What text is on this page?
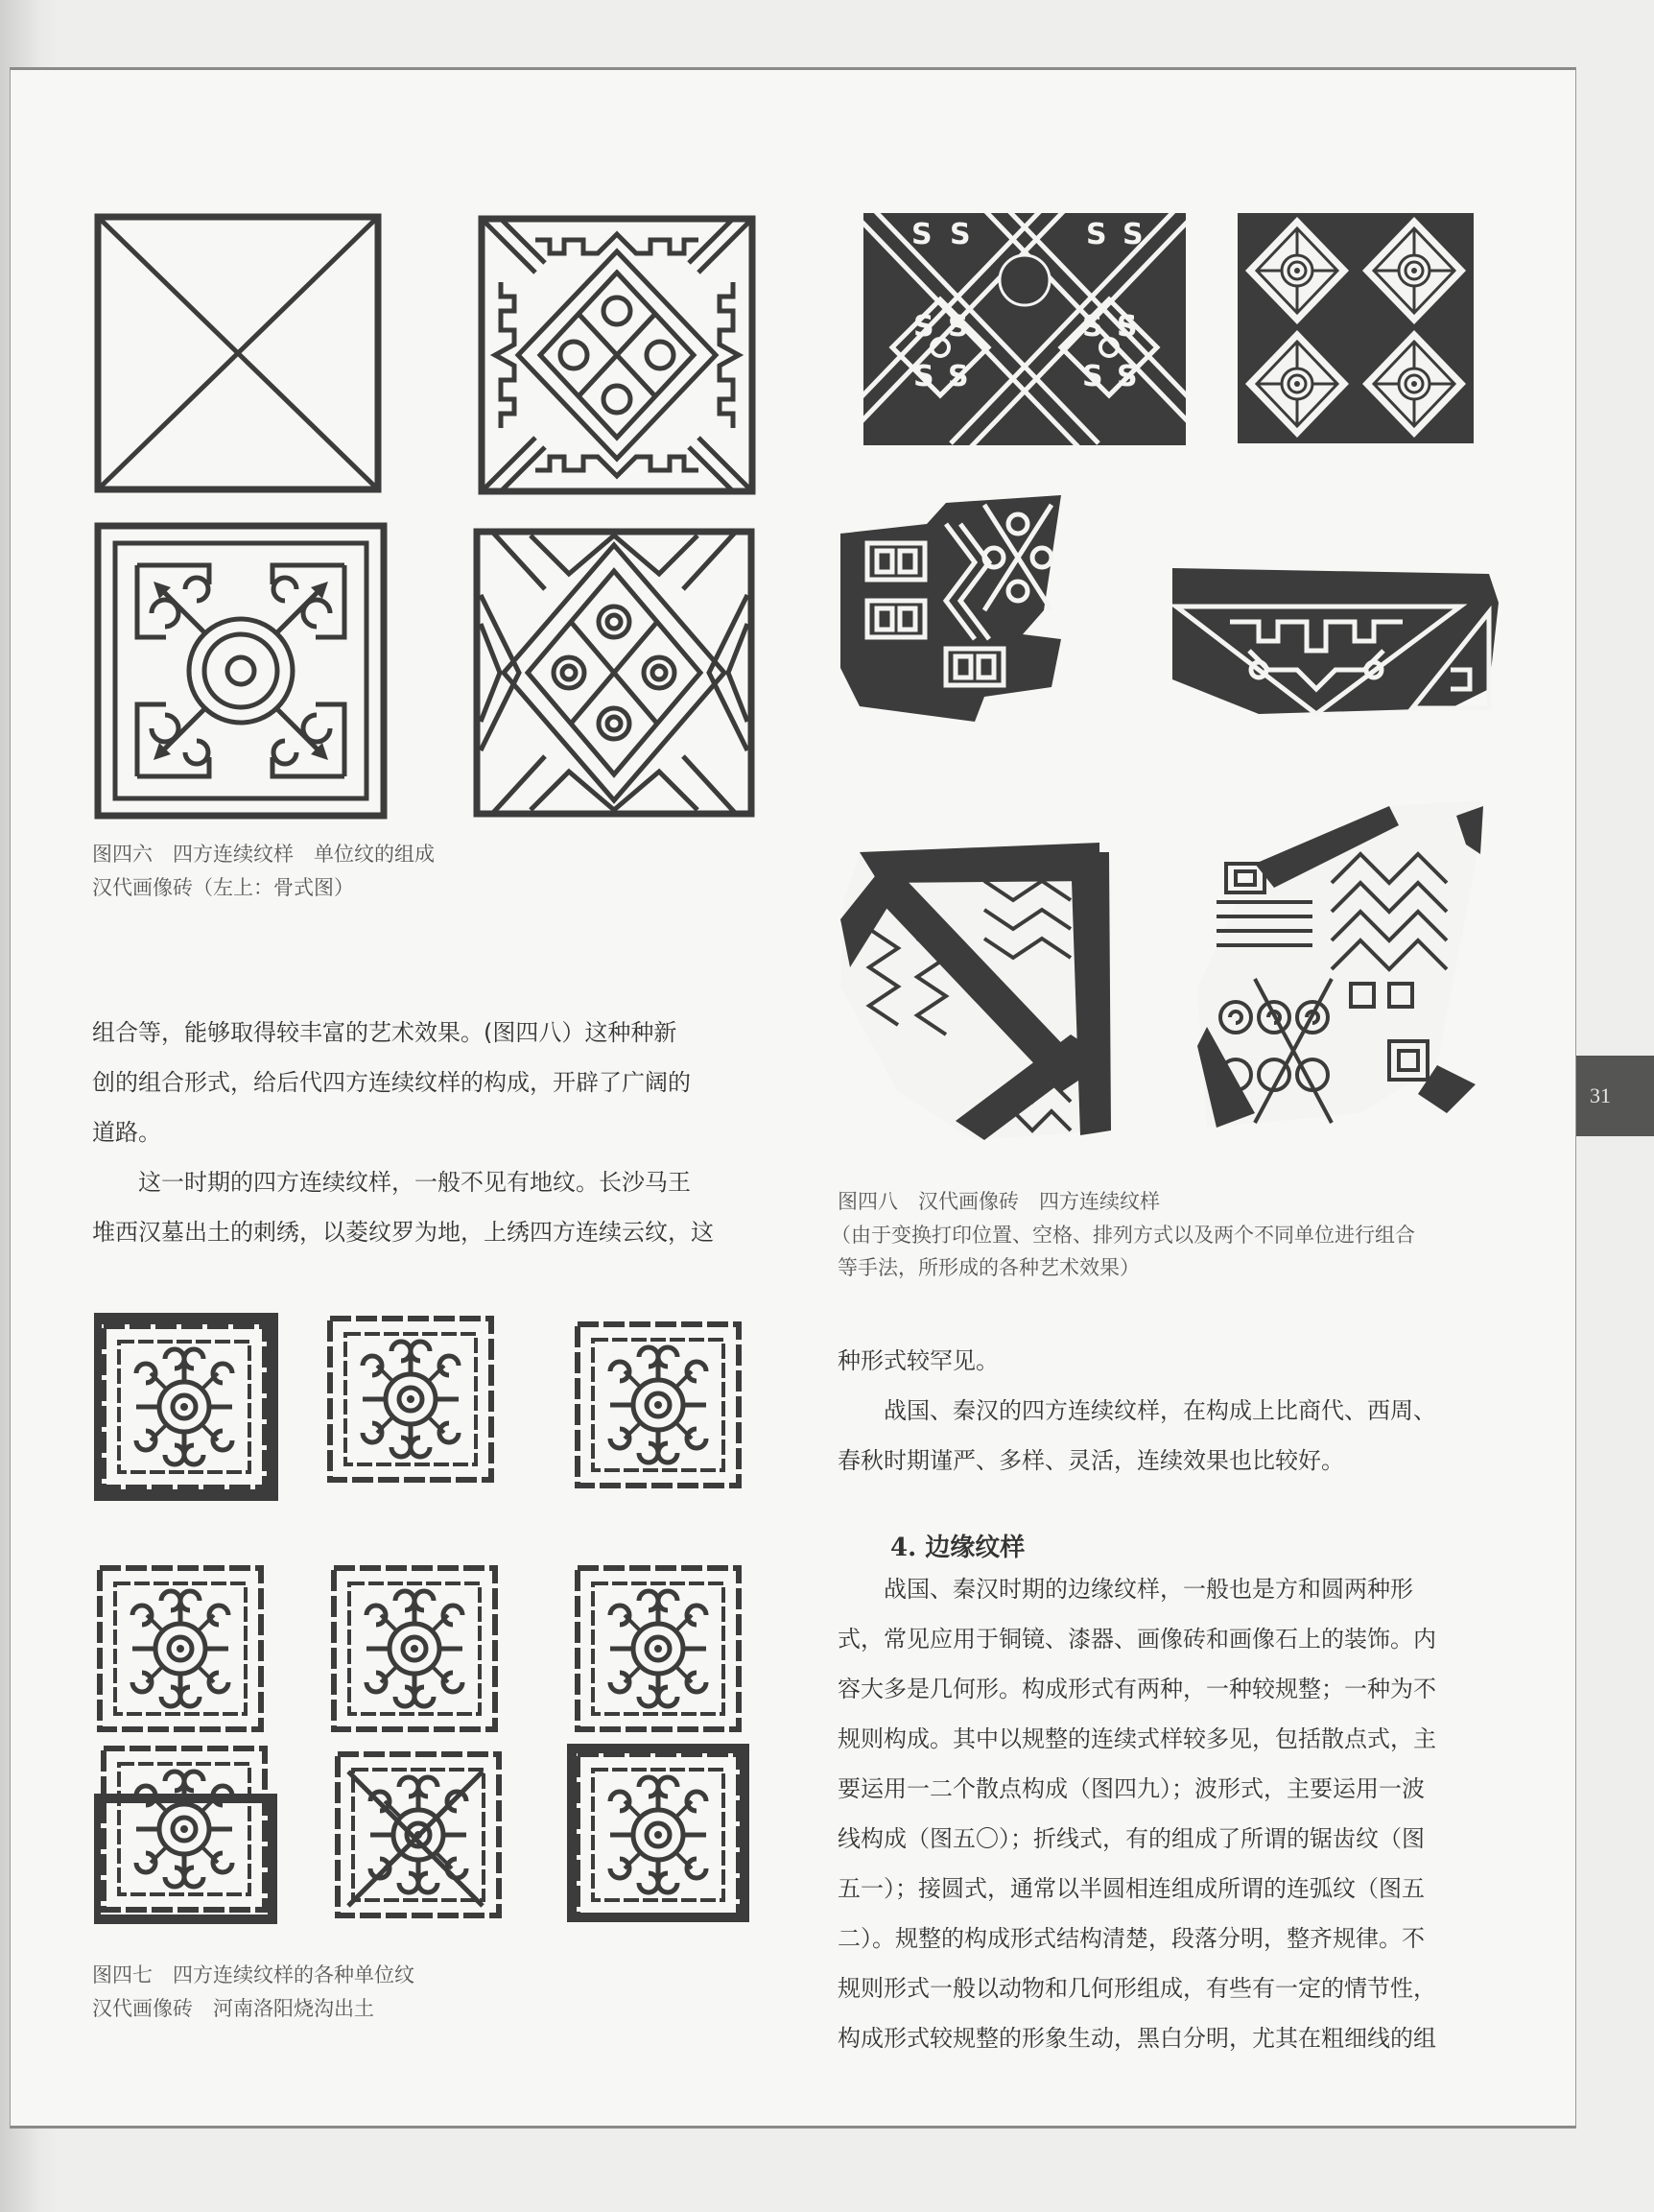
图四六　四方连续纹样　单位纹的组成
汉代画像砖（左上：骨式图）

组合等，能够取得较丰富的艺术效果。(图四八）这种种新

创的组合形式，给后代四方连续纹样的构成，开辟了广阔的

道路。

这一时期的四方连续纹样，一般不见有地纹。长沙马王

堆西汉墓出土的刺绣，以菱纹罗为地，上绣四方连续云纹，这

图四七　四方连续纹样的各种单位纹
汉代画像砖　河南洛阳烧沟出土
S S
S S
S S
S S
S S	S S
图四八　汉代画像砖　四方连续纹样
（由于变换打印位置、空格、排列方式以及两个不同单位进行组合
等手法，所形成的各种艺术效果）

种形式较罕见。

战国、秦汉的四方连续纹样，在构成上比商代、西周、

春秋时期谨严、多样、灵活，连续效果也比较好。

4. 边缘纹样

战国、秦汉时期的边缘纹样，一般也是方和圆两种形

式，常见应用于铜镜、漆器、画像砖和画像石上的装饰。内

容大多是几何形。构成形式有两种，一种较规整；一种为不

规则构成。其中以规整的连续式样较多见，包括散点式，主

要运用一二个散点构成（图四九）；波形式，主要运用一波

线构成（图五〇）；折线式，有的组成了所谓的锯齿纹（图

五一）；接圆式，通常以半圆相连组成所谓的连弧纹（图五

二）。规整的构成形式结构清楚，段落分明，整齐规律。不

规则形式一般以动物和几何形组成，有些有一定的情节性，

构成形式较规整的形象生动，黑白分明，尤其在粗细线的组

31
